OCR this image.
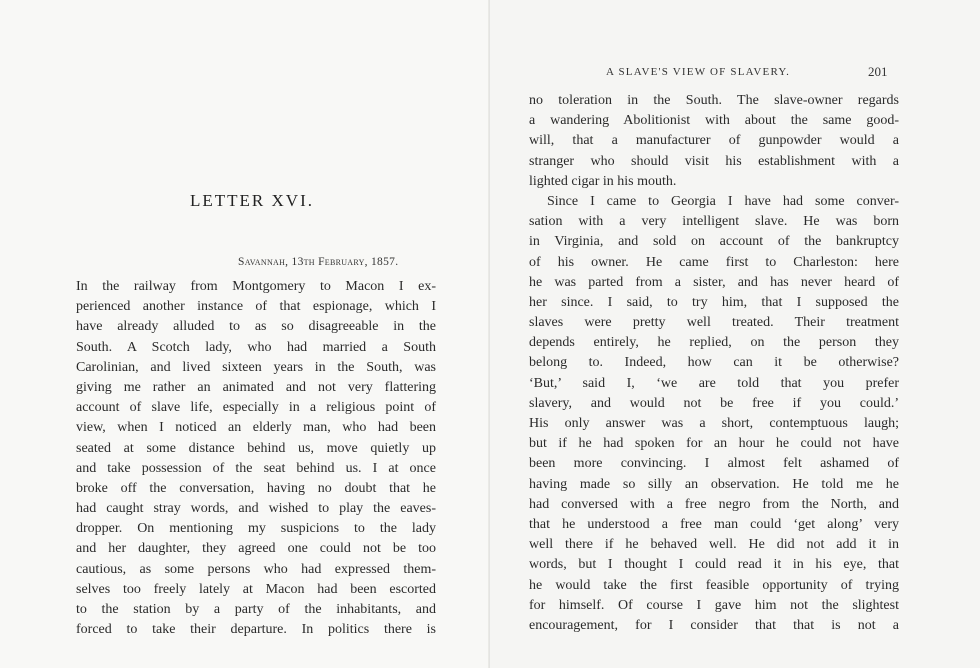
LETTER XVI.

Savannah, 13th February, 1857.

In the railway from Montgomery to Macon I ex-
perienced another instance of that espionage, which I
have already alluded to as so disagreeable in the
South. A Scotch lady, who had married a South
Carolinian, and lived sixteen years in the South, was
giving me rather an animated and not very flattering
account of slave life, especially in a religious point of
view, when I noticed an elderly man, who had been
seated at some distance behind us, move quietly up
and take possession of the seat behind us. I at once
broke off the conversation, having no doubt that he
had caught stray words, and wished to play the eaves-
dropper. On mentioning my suspicions to the lady
and her daughter, they agreed one could not be too
cautious, as some persons who had expressed them-
selves too freely lately at Macon had been escorted
to the station by a party of the inhabitants, and
forced to take their departure. In politics there is

A SLAVE'S VIEW OF SLAVERY.	201

no toleration in the South. The slave-owner regards
a wandering Abolitionist with about the same good-
will, that a manufacturer of gunpowder would a
stranger who should visit his establishment with a
lighted cigar in his mouth.
Since I came to Georgia I have had some conver-
sation with a very intelligent slave. He was born
in Virginia, and sold on account of the bankruptcy
of his owner. He came first to Charleston: here
he was parted from a sister, and has never heard of
her since. I said, to try him, that I supposed the
slaves were pretty well treated. Their treatment
depends entirely, he replied, on the person they
belong to. Indeed, how can it be otherwise?
‘But,’ said I, ‘we are told that you prefer
slavery, and would not be free if you could.’
His only answer was a short, contemptuous laugh;
but if he had spoken for an hour he could not have
been more convincing. I almost felt ashamed of
having made so silly an observation. He told me he
had conversed with a free negro from the North, and
that he understood a free man could ‘get along’ very
well there if he behaved well. He did not add it in
words, but I thought I could read it in his eye, that
he would take the first feasible opportunity of trying
for himself. Of course I gave him not the slightest
encouragement, for I consider that that is not a
